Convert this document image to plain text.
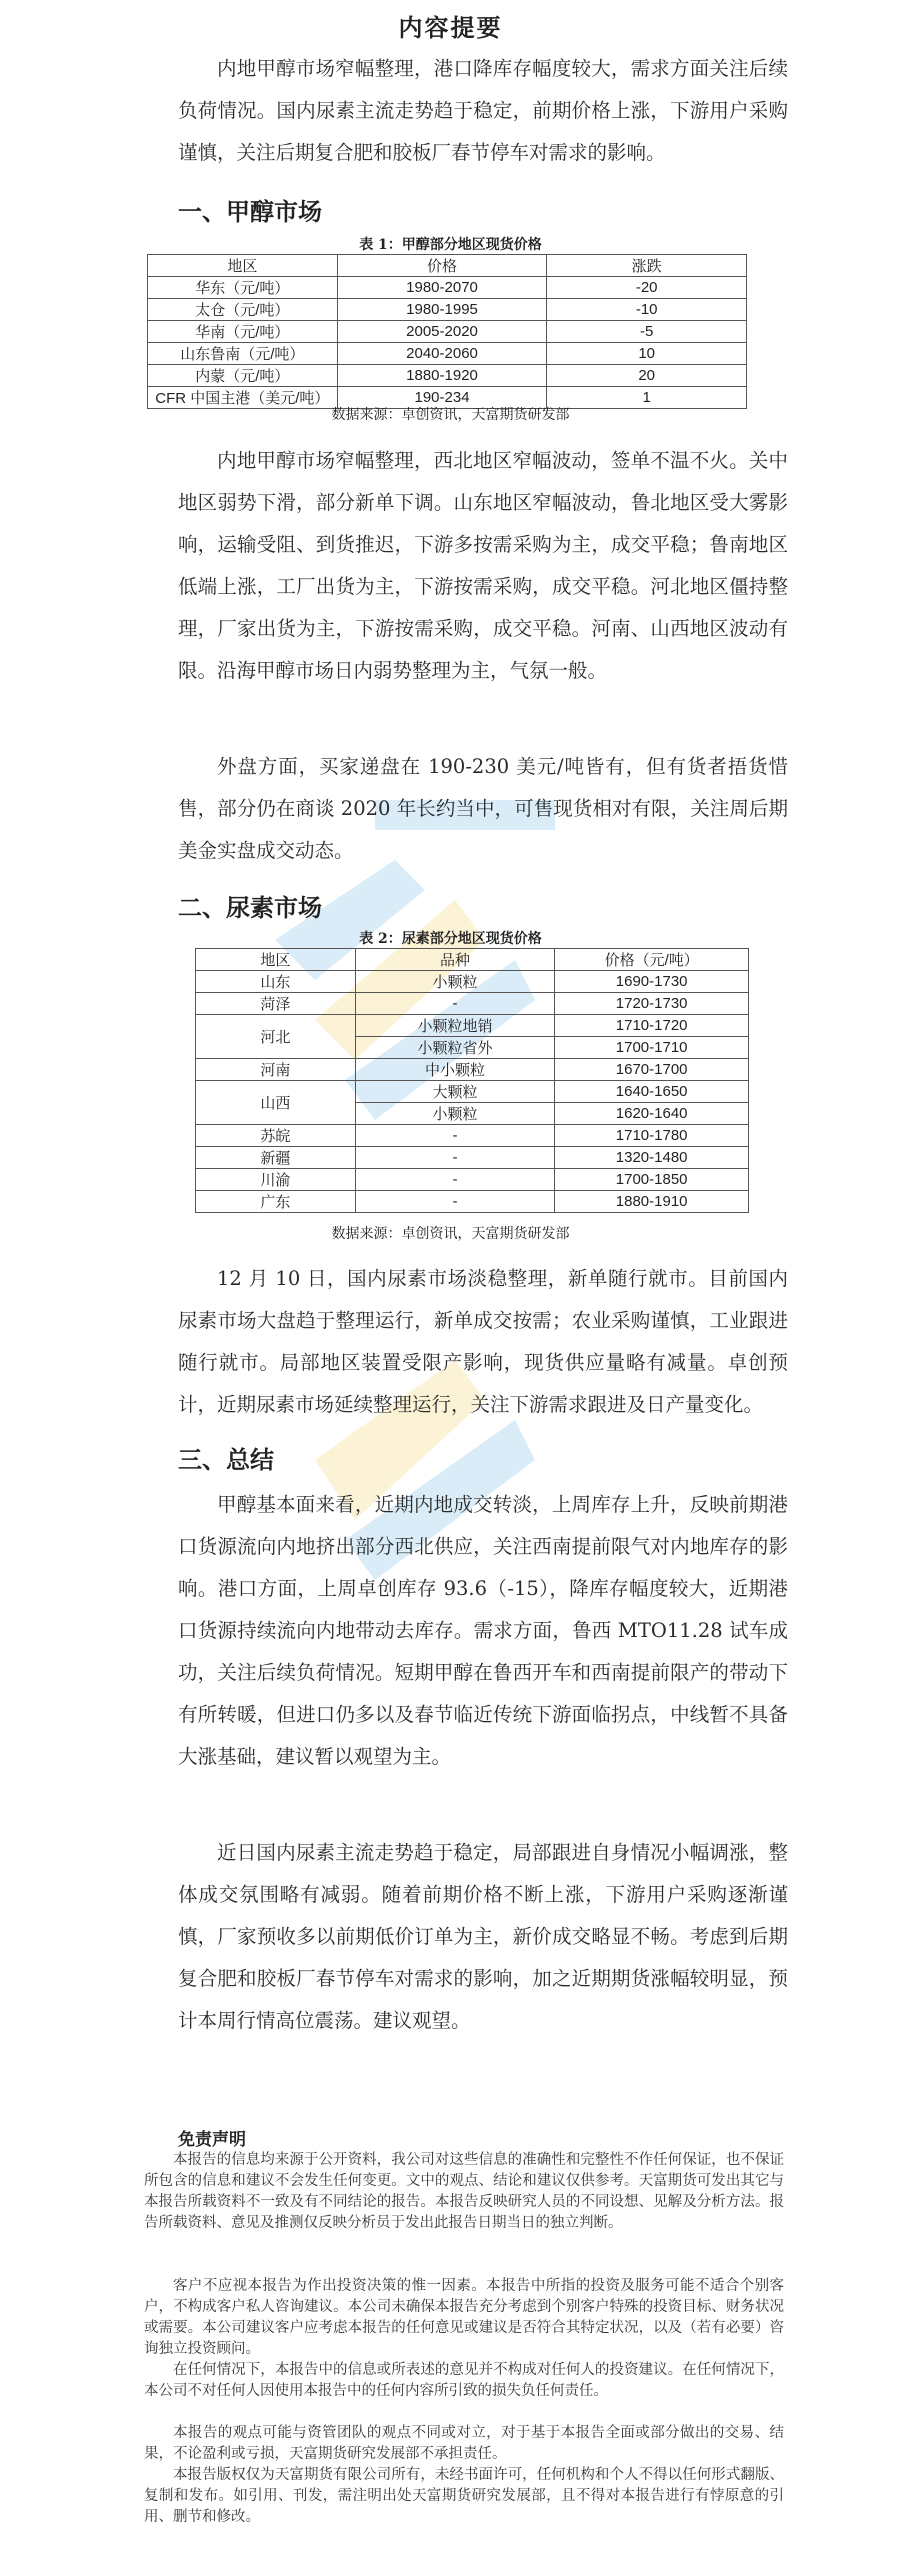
内容提要
内地甲醇市场窄幅整理，港口降库存幅度较大，需求方面关注后续负荷情况。国内尿素主流走势趋于稳定，前期价格上涨，下游用户采购谨慎，关注后期复合肥和胶板厂春节停车对需求的影响。
一、甲醇市场
表 1：甲醇部分地区现货价格
地区	价格	涨跌
华东（元/吨）	1980-2070	-20
太仓（元/吨）	1980-1995	-10
华南（元/吨）	2005-2020	-5
山东鲁南（元/吨）	2040-2060	10
内蒙（元/吨）	1880-1920	20
CFR 中国主港（美元/吨）	190-234	1
数据来源：卓创资讯，天富期货研发部
内地甲醇市场窄幅整理，西北地区窄幅波动，签单不温不火。关中地区弱势下滑，部分新单下调。山东地区窄幅波动，鲁北地区受大雾影响，运输受阻、到货推迟，下游多按需采购为主，成交平稳；鲁南地区低端上涨，工厂出货为主，下游按需采购，成交平稳。河北地区僵持整理，厂家出货为主，下游按需采购，成交平稳。河南、山西地区波动有限。沿海甲醇市场日内弱势整理为主，气氛一般。
外盘方面，买家递盘在 190-230 美元/吨皆有，但有货者捂货惜售，部分仍在商谈 2020 年长约当中，可售现货相对有限，关注周后期美金实盘成交动态。
二、尿素市场
表 2：尿素部分地区现货价格
地区	品种	价格（元/吨）
山东	小颗粒	1690-1730
菏泽	-	1720-1730
河北	小颗粒地销	1710-1720
	小颗粒省外	1700-1710
河南	中小颗粒	1670-1700
山西	大颗粒	1640-1650
	小颗粒	1620-1640
苏皖	-	1710-1780
新疆	-	1320-1480
川渝	-	1700-1850
广东	-	1880-1910
数据来源：卓创资讯，天富期货研发部
12 月 10 日，国内尿素市场淡稳整理，新单随行就市。目前国内尿素市场大盘趋于整理运行，新单成交按需；农业采购谨慎，工业跟进随行就市。局部地区装置受限产影响，现货供应量略有减量。卓创预计，近期尿素市场延续整理运行，关注下游需求跟进及日产量变化。
三、总结
甲醇基本面来看，近期内地成交转淡，上周库存上升，反映前期港口货源流向内地挤出部分西北供应，关注西南提前限气对内地库存的影响。港口方面，上周卓创库存 93.6（-15），降库存幅度较大，近期港口货源持续流向内地带动去库存。需求方面，鲁西 MTO11.28 试车成功，关注后续负荷情况。短期甲醇在鲁西开车和西南提前限产的带动下有所转暖，但进口仍多以及春节临近传统下游面临拐点，中线暂不具备大涨基础，建议暂以观望为主。
近日国内尿素主流走势趋于稳定，局部跟进自身情况小幅调涨，整体成交氛围略有减弱。随着前期价格不断上涨，下游用户采购逐渐谨慎，厂家预收多以前期低价订单为主，新价成交略显不畅。考虑到后期复合肥和胶板厂春节停车对需求的影响，加之近期期货涨幅较明显，预计本周行情高位震荡。建议观望。
免责声明
本报告的信息均来源于公开资料，我公司对这些信息的准确性和完整性不作任何保证，也不保证所包含的信息和建议不会发生任何变更。文中的观点、结论和建议仅供参考。天富期货可发出其它与本报告所载资料不一致及有不同结论的报告。本报告反映研究人员的不同设想、见解及分析方法。报告所载资料、意见及推测仅反映分析员于发出此报告日期当日的独立判断。
客户不应视本报告为作出投资决策的惟一因素。本报告中所指的投资及服务可能不适合个别客户，不构成客户私人咨询建议。本公司未确保本报告充分考虑到个别客户特殊的投资目标、财务状况或需要。本公司建议客户应考虑本报告的任何意见或建议是否符合其特定状况，以及（若有必要）咨询独立投资顾问。
在任何情况下，本报告中的信息或所表述的意见并不构成对任何人的投资建议。在任何情况下，本公司不对任何人因使用本报告中的任何内容所引致的损失负任何责任。
本报告的观点可能与资管团队的观点不同或对立，对于基于本报告全面或部分做出的交易、结果，不论盈利或亏损，天富期货研究发展部不承担责任。
本报告版权仅为天富期货有限公司所有，未经书面许可，任何机构和个人不得以任何形式翻版、复制和发布。如引用、刊发，需注明出处天富期货研究发展部，且不得对本报告进行有悖原意的引用、删节和修改。
